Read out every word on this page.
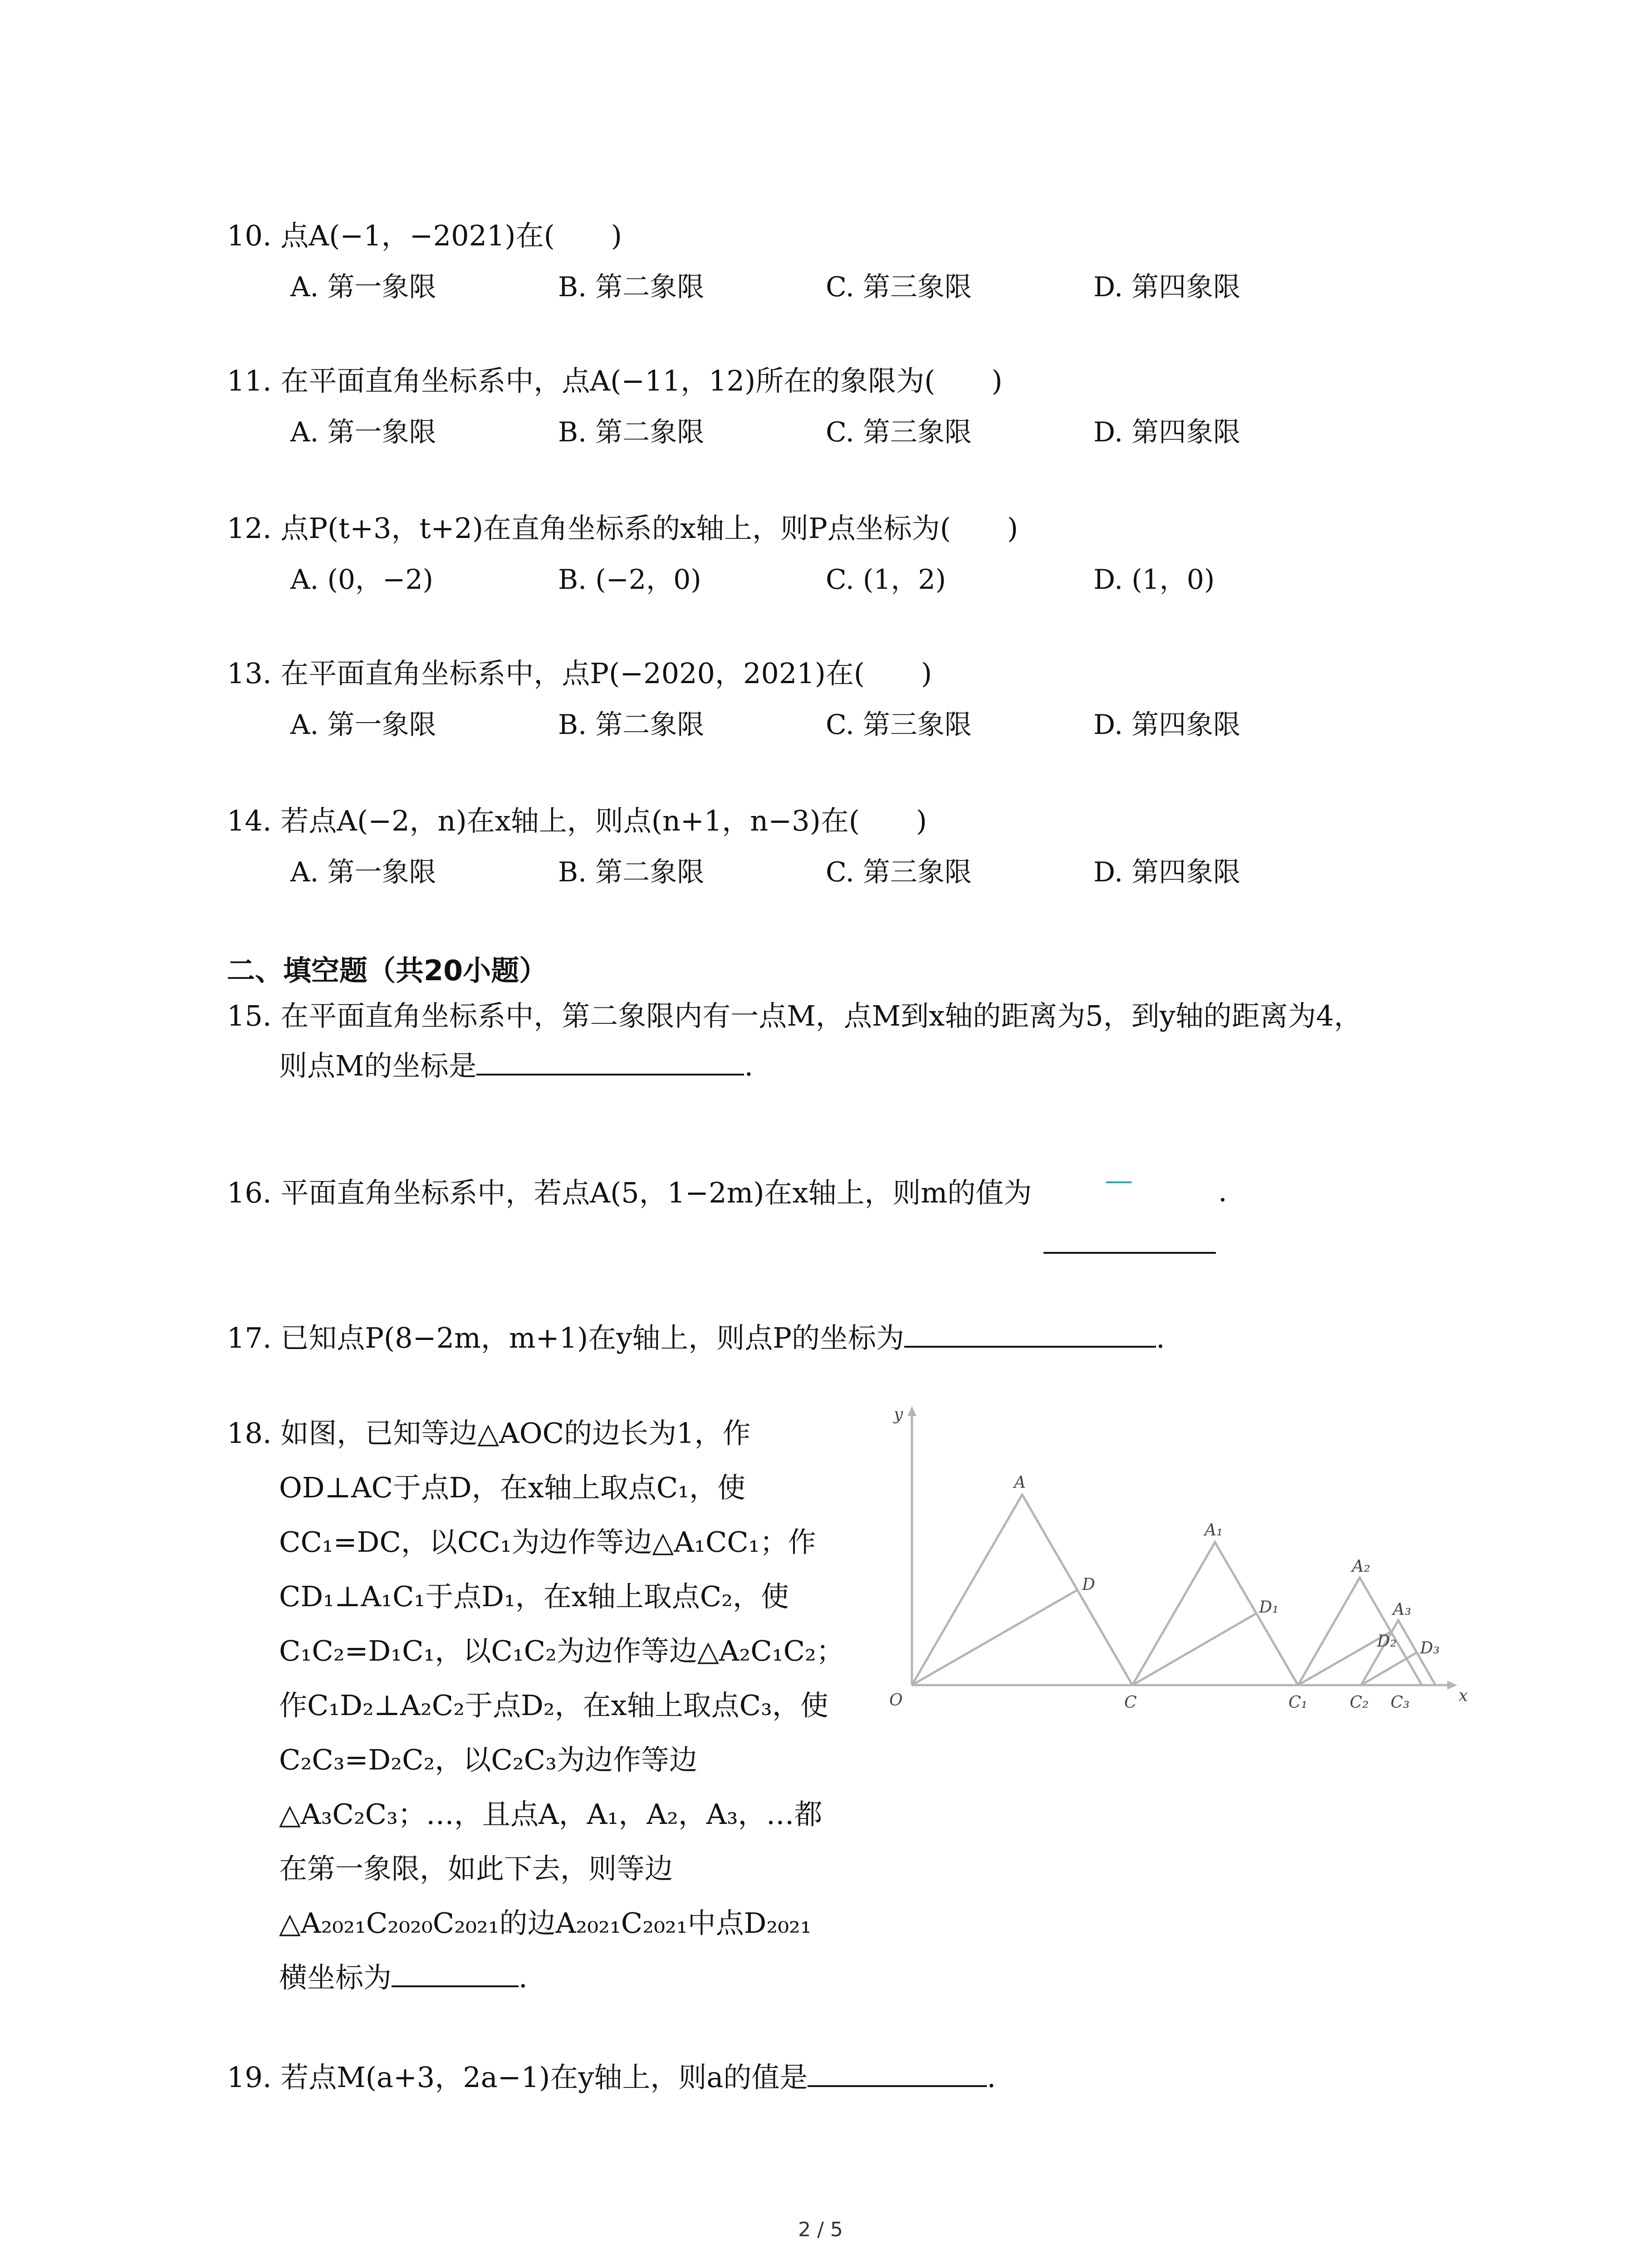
10. 点A(−1，−2021)在(　　)
A. 第一象限	B. 第二象限	C. 第三象限	D. 第四象限
11. 在平面直角坐标系中，点A(−11，12)所在的象限为(　　)
A. 第一象限	B. 第二象限	C. 第三象限	D. 第四象限
12. 点P(t+3，t+2)在直角坐标系的x轴上，则P点坐标为(　　)
A. (0，−2)	B. (−2，0)	C. (1，2)	D. (1，0)
13. 在平面直角坐标系中，点P(−2020，2021)在(　　)
A. 第一象限	B. 第二象限	C. 第三象限	D. 第四象限
14. 若点A(−2，n)在x轴上，则点(n+1，n−3)在(　　)
A. 第一象限	B. 第二象限	C. 第三象限	D. 第四象限
二、填空题（共20小题）
15. 在平面直角坐标系中，第二象限内有一点M，点M到x轴的距离为5，到y轴的距离为4，
则点M的坐标是	.
16. 平面直角坐标系中，若点A(5，1−2m)在x轴上，则m的值为	—	.
17. 已知点P(8−2m，m+1)在y轴上，则点P的坐标为	.
18. 如图，已知等边△AOC的边长为1，作
OD⊥AC于点D，在x轴上取点C₁，使
CC₁=DC，以CC₁为边作等边△A₁CC₁；作
CD₁⊥A₁C₁于点D₁，在x轴上取点C₂，使
C₁C₂=D₁C₁，以C₁C₂为边作等边△A₂C₁C₂；
作C₁D₂⊥A₂C₂于点D₂，在x轴上取点C₃，使
C₂C₃=D₂C₂，以C₂C₃为边作等边
△A₃C₂C₃；…，且点A，A₁，A₂，A₃，…都
在第一象限，如此下去，则等边
△A₂₀₂₁C₂₀₂₀C₂₀₂₁的边A₂₀₂₁C₂₀₂₁中点D₂₀₂₁
横坐标为	.
y
x
O
A
D
C
A₁
D₁
C₁
A₂
D₂
C₂
A₃
D₃
C₃
19. 若点M(a+3，2a−1)在y轴上，则a的值是	.
2 / 5
